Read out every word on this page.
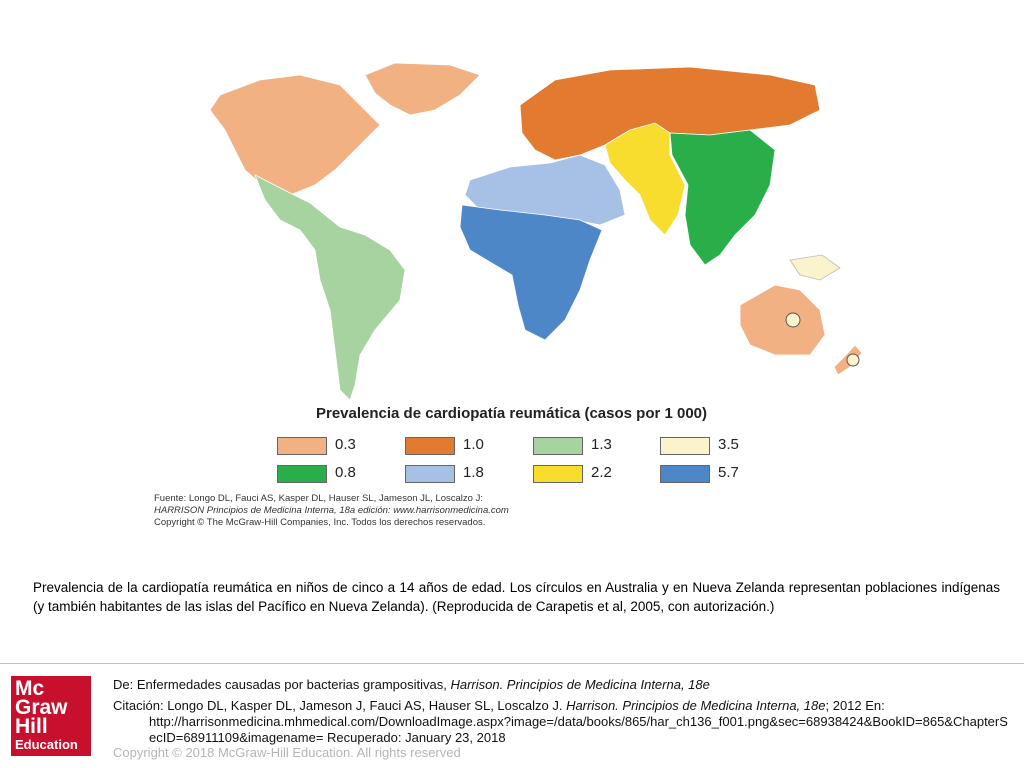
Prevalencia de cardiopatía reumática (casos por 1 000)
0.3	1.0	1.3	3.5
0.8	1.8	2.2	5.7
Fuente: Longo DL, Fauci AS, Kasper DL, Hauser SL, Jameson JL, Loscalzo J:
HARRISON Principios de Medicina Interna, 18a edición: www.harrisonmedicina.com
Copyright © The McGraw-Hill Companies, Inc. Todos los derechos reservados.
Prevalencia de la cardiopatía reumática en niños de cinco a 14 años de edad. Los círculos en Australia y en Nueva Zelanda representan poblaciones indígenas (y también habitantes de las islas del Pacífico en Nueva Zelanda). (Reproducida de Carapetis et al, 2005, con autorización.)
Mc
Graw
Hill
Education
De: Enfermedades causadas por bacterias grampositivas, Harrison. Principios de Medicina Interna, 18e
Citación: Longo DL, Kasper DL, Jameson J, Fauci AS, Hauser SL, Loscalzo J. Harrison. Principios de Medicina Interna, 18e; 2012 En:
http://harrisonmedicina.mhmedical.com/DownloadImage.aspx?image=/data/books/865/har_ch136_f001.png&sec=68938424&BookID=865&ChapterSecID=68911109&imagename= Recuperado: January 23, 2018
Copyright © 2018 McGraw-Hill Education. All rights reserved
